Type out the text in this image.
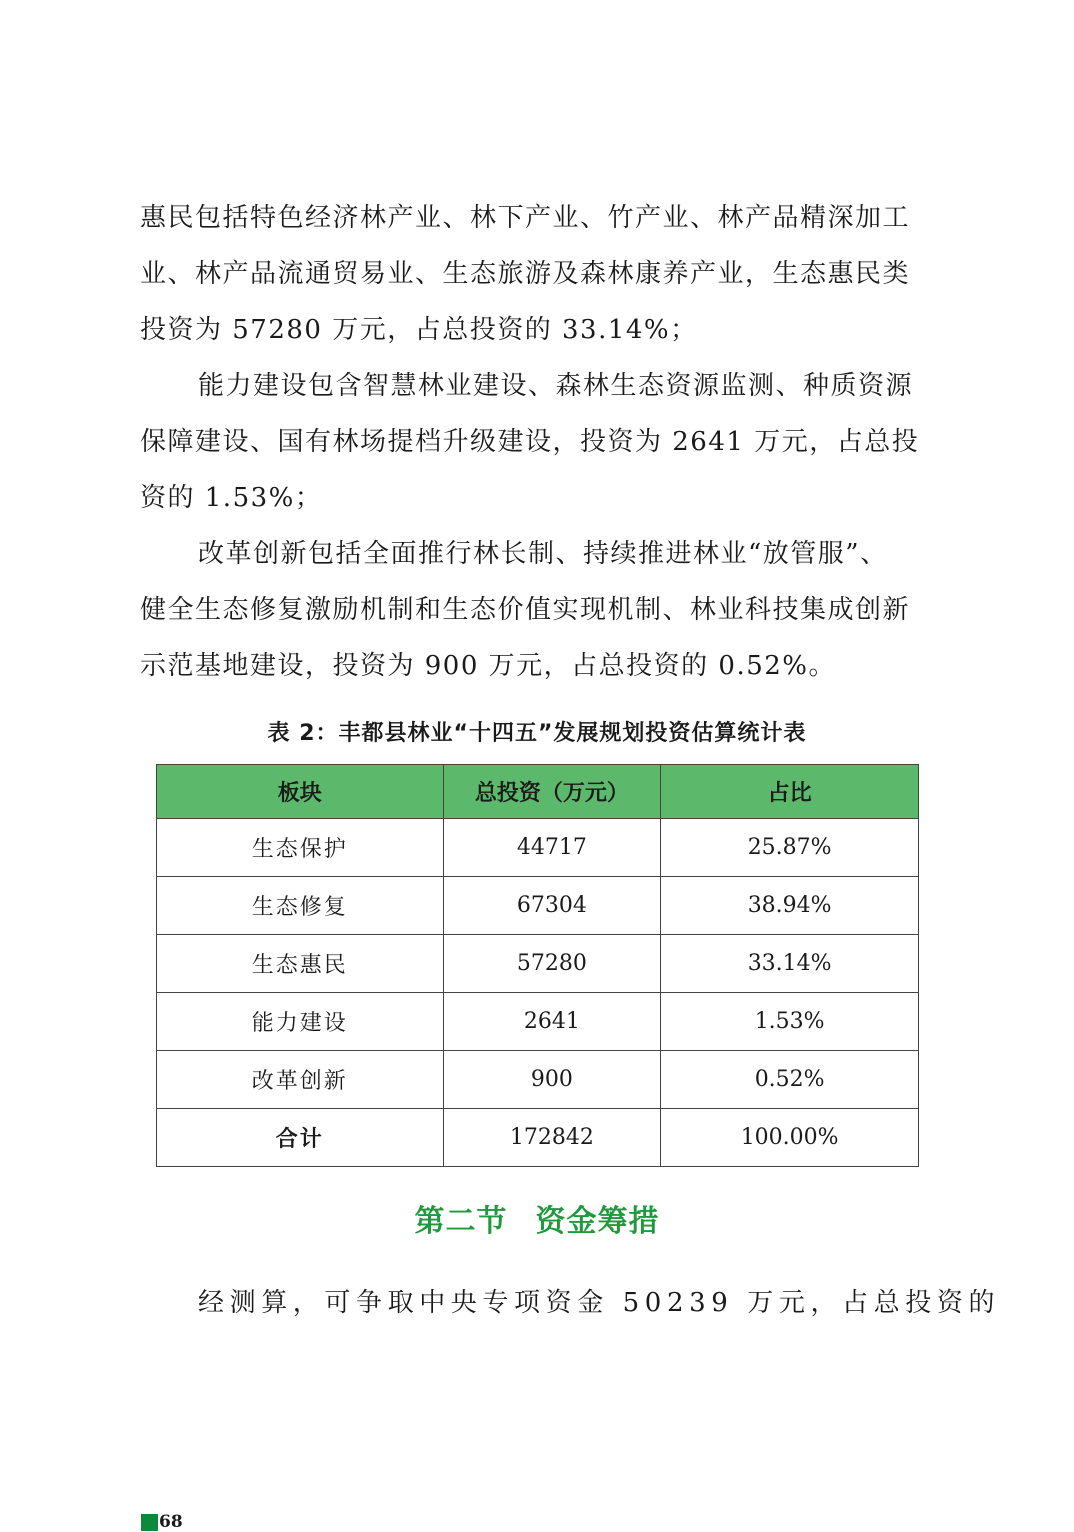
惠民包括特色经济林产业、林下产业、竹产业、林产品精深加工
业、林产品流通贸易业、生态旅游及森林康养产业，生态惠民类
投资为 57280 万元，占总投资的 33.14%；
能力建设包含智慧林业建设、森林生态资源监测、种质资源
保障建设、国有林场提档升级建设，投资为 2641 万元，占总投
资的 1.53%；
改革创新包括全面推行林长制、持续推进林业“放管服”、
健全生态修复激励机制和生态价值实现机制、林业科技集成创新
示范基地建设，投资为 900 万元，占总投资的 0.52%。
表 2：丰都县林业“十四五”发展规划投资估算统计表
板块	总投资（万元）	占比
生态保护	44717	25.87%
生态修复	67304	38.94%
生态惠民	57280	33.14%
能力建设	2641	1.53%
改革创新	900	0.52%
合计	172842	100.00%
第二节 资金筹措
经测算，可争取中央专项资金 50239 万元，占总投资的
68
